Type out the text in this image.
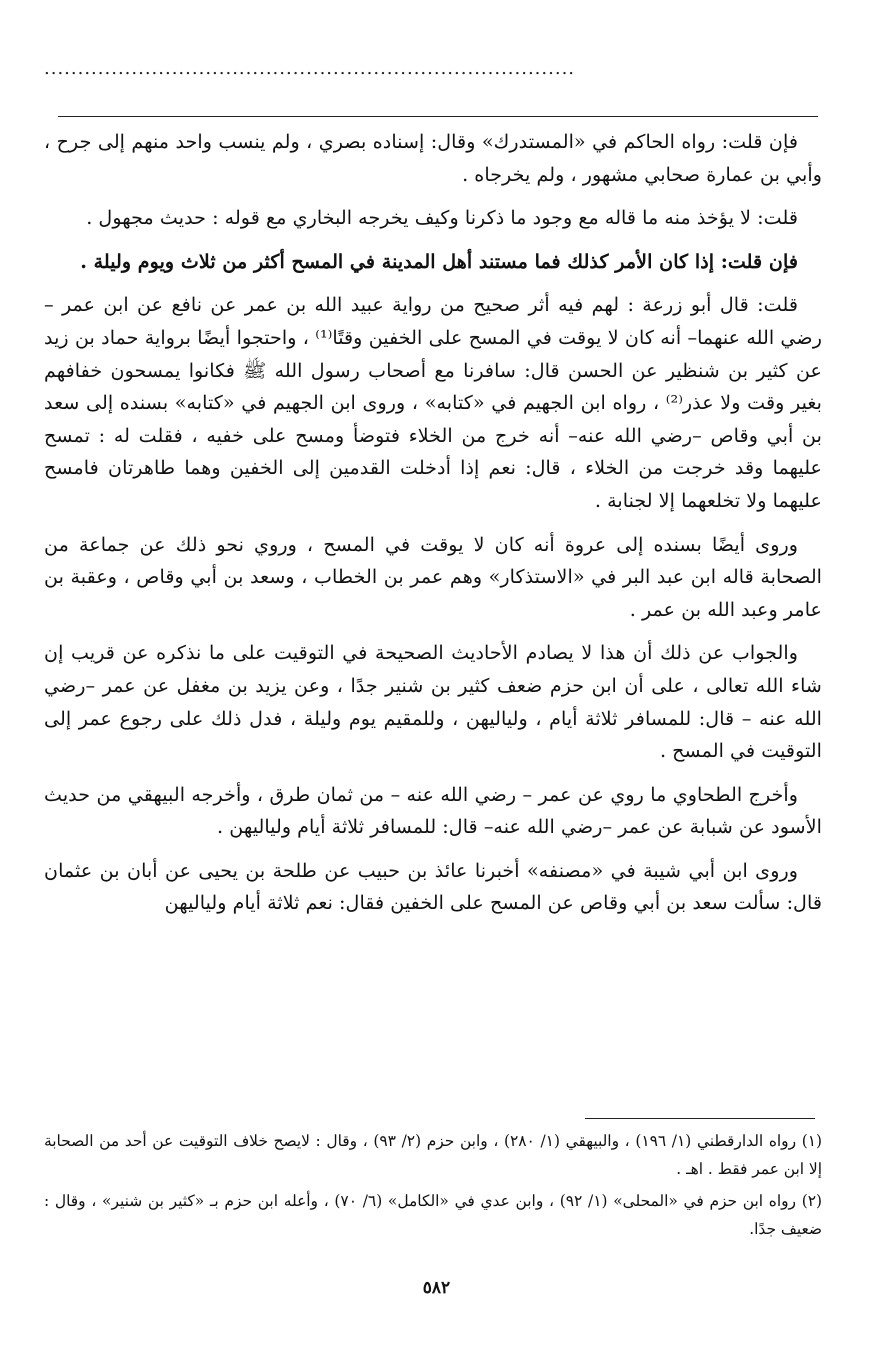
...............................................................................

فإن قلت: رواه الحاكم في «المستدرك» وقال: إسناده بصري ، ولم ينسب واحد منهم إلى جرح ، وأبي بن عمارة صحابي مشهور ، ولم يخرجاه .

قلت: لا يؤخذ منه ما قاله مع وجود ما ذكرنا وكيف يخرجه البخاري مع قوله : حديث مجهول .

فإن قلت: إذا كان الأمر كذلك فما مستند أهل المدينة في المسح أكثر من ثلاث ويوم وليلة .

قلت: قال أبو زرعة : لهم فيه أثر صحيح من رواية عبيد الله بن عمر عن نافع عن ابن عمر – رضي الله عنهما– أنه كان لا يوقت في المسح على الخفين وقتًا⁽¹⁾ ، واحتجوا أيضًا برواية حماد بن زيد عن كثير بن شنظير عن الحسن قال: سافرنا مع أصحاب رسول الله ﷺ فكانوا يمسحون خفافهم بغير وقت ولا عذر⁽²⁾ ، رواه ابن الجهيم في «كتابه» ، وروى ابن الجهيم في «كتابه» بسنده إلى سعد بن أبي وقاص –رضي الله عنه– أنه خرج من الخلاء فتوضأ ومسح على خفيه ، فقلت له : تمسح عليهما وقد خرجت من الخلاء ، قال: نعم إذا أدخلت القدمين إلى الخفين وهما طاهرتان فامسح عليهما ولا تخلعهما إلا لجنابة .

وروى أيضًا بسنده إلى عروة أنه كان لا يوقت في المسح ، وروي نحو ذلك عن جماعة من الصحابة قاله ابن عبد البر في «الاستذكار» وهم عمر بن الخطاب ، وسعد بن أبي وقاص ، وعقبة بن عامر وعبد الله بن عمر .

والجواب عن ذلك أن هذا لا يصادم الأحاديث الصحيحة في التوقيت على ما نذكره عن قريب إن شاء الله تعالى ، على أن ابن حزم ضعف كثير بن شنير جدًا ، وعن يزيد بن مغفل عن عمر –رضي الله عنه – قال: للمسافر ثلاثة أيام ، ولياليهن ، وللمقيم يوم وليلة ، فدل ذلك على رجوع عمر إلى التوقيت في المسح .

وأخرج الطحاوي ما روي عن عمر – رضي الله عنه – من ثمان طرق ، وأخرجه البيهقي من حديث الأسود عن شبابة عن عمر –رضي الله عنه– قال: للمسافر ثلاثة أيام ولياليهن .

وروى ابن أبي شيبة في «مصنفه» أخبرنا عائذ بن حبيب عن طلحة بن يحيى عن أبان بن عثمان قال: سألت سعد بن أبي وقاص عن المسح على الخفين فقال: نعم ثلاثة أيام ولياليهن

(١) رواه الدارقطني (١/ ١٩٦) ، والبيهقي (١/ ٢٨٠) ، وابن حزم (٢/ ٩٣) ، وقال : لايصح خلاف التوقيت عن أحد من الصحابة إلا ابن عمر فقط . اهـ .

(٢) رواه ابن حزم في «المحلى» (١/ ٩٢) ، وابن عدي في «الكامل» (٦/ ٧٠) ، وأعله ابن حزم بـ «كثير بن شنير» ، وقال : ضعيف جدًا.

٥٨٢
